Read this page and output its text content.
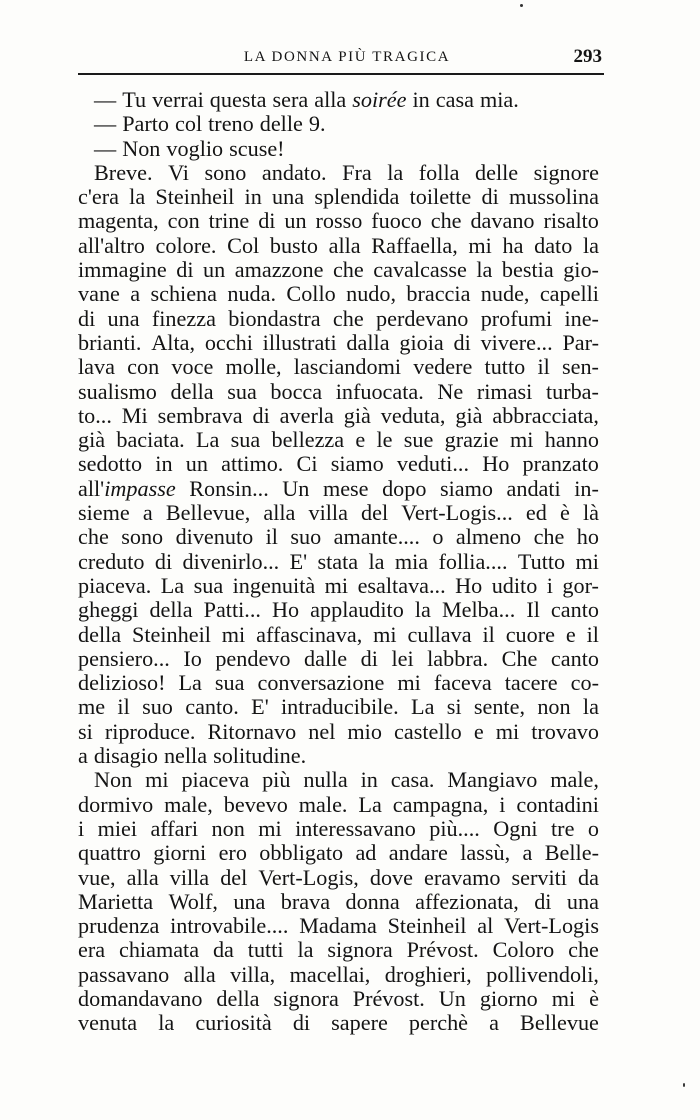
LA DONNA PIÙ TRAGICA	293
— Tu verrai questa sera alla soirée in casa mia.
— Parto col treno delle 9.
— Non voglio scuse!
Breve. Vi sono andato. Fra la folla delle signore
c'era la Steinheil in una splendida toilette di mussolina
magenta, con trine di un rosso fuoco che davano risalto
all'altro colore. Col busto alla Raffaella, mi ha dato la
immagine di un amazzone che cavalcasse la bestia gio-
vane a schiena nuda. Collo nudo, braccia nude, capelli
di una finezza biondastra che perdevano profumi ine-
brianti. Alta, occhi illustrati dalla gioia di vivere... Par-
lava con voce molle, lasciandomi vedere tutto il sen-
sualismo della sua bocca infuocata. Ne rimasi turba-
to... Mi sembrava di averla già veduta, già abbracciata,
già baciata. La sua bellezza e le sue grazie mi hanno
sedotto in un attimo. Ci siamo veduti... Ho pranzato
all'impasse Ronsin... Un mese dopo siamo andati in-
sieme a Bellevue, alla villa del Vert-Logis... ed è là
che sono divenuto il suo amante.... o almeno che ho
creduto di divenirlo... E' stata la mia follia.... Tutto mi
piaceva. La sua ingenuità mi esaltava... Ho udito i gor-
gheggi della Patti... Ho applaudito la Melba... Il canto
della Steinheil mi affascinava, mi cullava il cuore e il
pensiero... Io pendevo dalle di lei labbra. Che canto
delizioso! La sua conversazione mi faceva tacere co-
me il suo canto. E' intraducibile. La si sente, non la
si riproduce. Ritornavo nel mio castello e mi trovavo
a disagio nella solitudine.
Non mi piaceva più nulla in casa. Mangiavo male,
dormivo male, bevevo male. La campagna, i contadini
i miei affari non mi interessavano più.... Ogni tre o
quattro giorni ero obbligato ad andare lassù, a Belle-
vue, alla villa del Vert-Logis, dove eravamo serviti da
Marietta Wolf, una brava donna affezionata, di una
prudenza introvabile.... Madama Steinheil al Vert-Logis
era chiamata da tutti la signora Prévost. Coloro che
passavano alla villa, macellai, droghieri, pollivendoli,
domandavano della signora Prévost. Un giorno mi è
venuta la curiosità di sapere perchè a Bellevue
